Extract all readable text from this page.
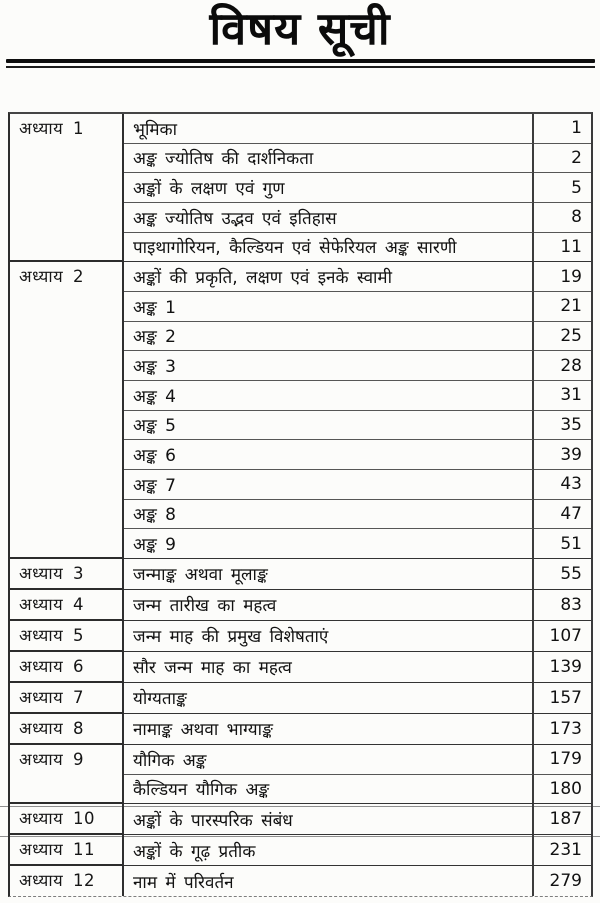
विषय सूची
अध्याय 1	भूमिका	1
अङ्क ज्योतिष की दार्शनिकता	2
अङ्कों के लक्षण एवं गुण	5
अङ्क ज्योतिष उद्भव एवं इतिहास	8
पाइथागोरियन, कैल्डियन एवं सेफेरियल अङ्क सारणी	11
अध्याय 2	अङ्कों की प्रकृति, लक्षण एवं इनके स्वामी	19
अङ्क 1	21
अङ्क 2	25
अङ्क 3	28
अङ्क 4	31
अङ्क 5	35
अङ्क 6	39
अङ्क 7	43
अङ्क 8	47
अङ्क 9	51
अध्याय 3	जन्माङ्क अथवा मूलाङ्क	55
अध्याय 4	जन्म तारीख का महत्व	83
अध्याय 5	जन्म माह की प्रमुख विशेषताएं	107
अध्याय 6	सौर जन्म माह का महत्व	139
अध्याय 7	योग्यताङ्क	157
अध्याय 8	नामाङ्क अथवा भाग्याङ्क	173
अध्याय 9	यौगिक अङ्क	179
कैल्डियन यौगिक अङ्क	180
अध्याय 10 अङ्कों के पारस्परिक संबंध	187
अध्याय 11 अङ्कों के गूढ़ प्रतीक	231
अध्याय 12 नाम में परिवर्तन	279
